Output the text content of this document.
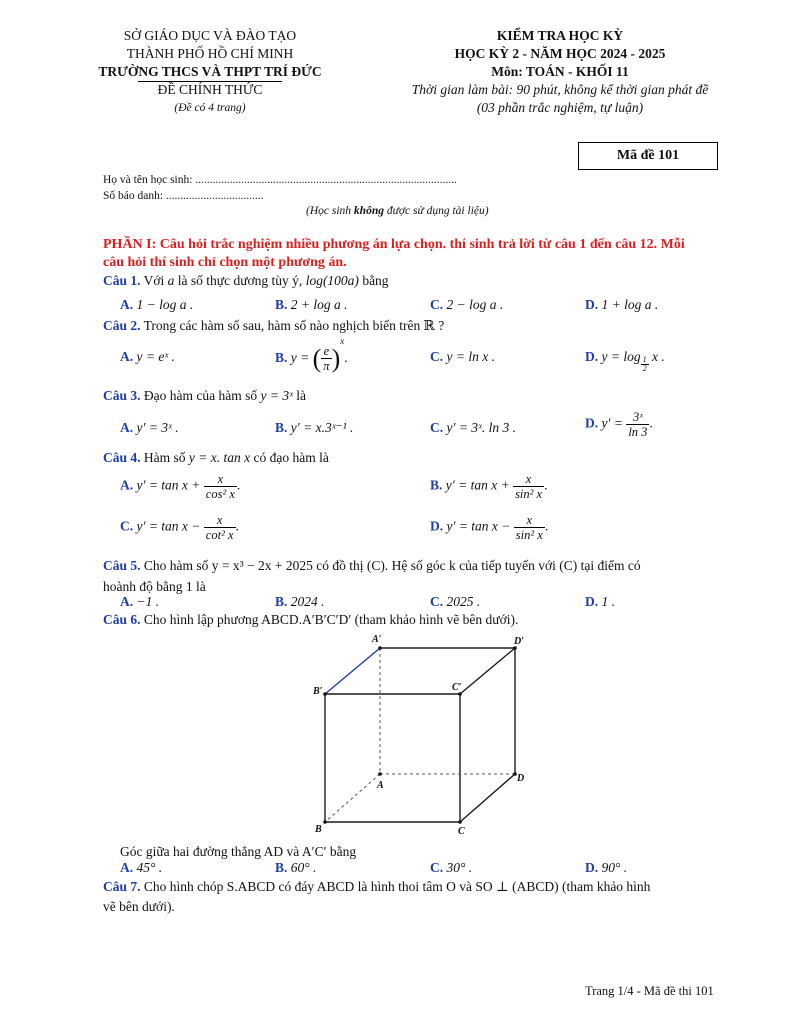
SỞ GIÁO DỤC VÀ ĐÀO TẠO
THÀNH PHỐ HỒ CHÍ MINH
TRƯỜNG THCS VÀ THPT TRÍ ĐỨC
ĐỀ CHÍNH THỨC
(Đề có 4 trang)
KIỂM TRA HỌC KỲ
HỌC KỲ 2 - NĂM HỌC 2024 - 2025
Môn: TOÁN - KHỐI 11
Thời gian làm bài: 90 phút, không kể thời gian phát đề
(03 phần trắc nghiệm, tự luận)
Mã đề 101
Họ và tên học sinh: ...........................................................................................
Số báo danh: ..................................
(Học sinh không được sử dụng tài liệu)
PHẦN I: Câu hỏi trắc nghiệm nhiều phương án lựa chọn. thí sinh trả lời từ câu 1 đến câu 12. Mỗi
câu hỏi thí sinh chỉ chọn một phương án.
Câu 1. Với a là số thực dương tùy ý, log(100a) bằng
A. 1 − log a .	B. 2 + log a .	C. 2 − log a .	D. 1 + log a .
Câu 2. Trong các hàm số sau, hàm số nào nghịch biến trên ℝ ?
A. y = eˣ .	B. y = ( $\frac{e}{\pi} )^x$.	C. y = ln x .	D. $y = \log \frac{1}{2}$ x .
Câu 3. Đạo hàm của hàm số y = 3ˣ là
A. y′ = 3ˣ .	B. y′ = x.3ˣ⁻¹ .	C. y′ = 3ˣ. ln 3 .	D. $y' = \frac{\text{3ˣ}}{\ln 3}$ .
Câu 4. Hàm số y = x. tan x có đạo hàm là
A. $y' = \tan x + \frac{x}{\text{cos² x}}$ .	B. $y' = \tan x + \frac{x}{\text{sin² x}}$ .
C. $y' = \tan x - \frac{x}{\text{cot² x}}$ .	D. $y' = \tan x - \frac{x}{\text{sin² x}}$ .
Câu 5. Cho hàm số y = x³ − 2x + 2025 có đồ thị (C). Hệ số góc k của tiếp tuyến với (C) tại điểm có
hoành độ bằng 1 là
A. −1 .	B. 2024 .	C. 2025 .	D. 1 .
Câu 6. Cho hình lập phương ABCD.A′B′C′D′ (tham khảo hình vẽ bên dưới).
A′	D′
B′	C′
A
D
B	C
Góc giữa hai đường thẳng AD và A′C′ bằng
A. 45° .	B. 60° .	C. 30° .	D. 90° .
Câu 7. Cho hình chóp S.ABCD có đáy ABCD là hình thoi tâm O và SO ⊥ (ABCD) (tham khảo hình
vẽ bên dưới).
Trang 1/4 - Mã đề thi 101
